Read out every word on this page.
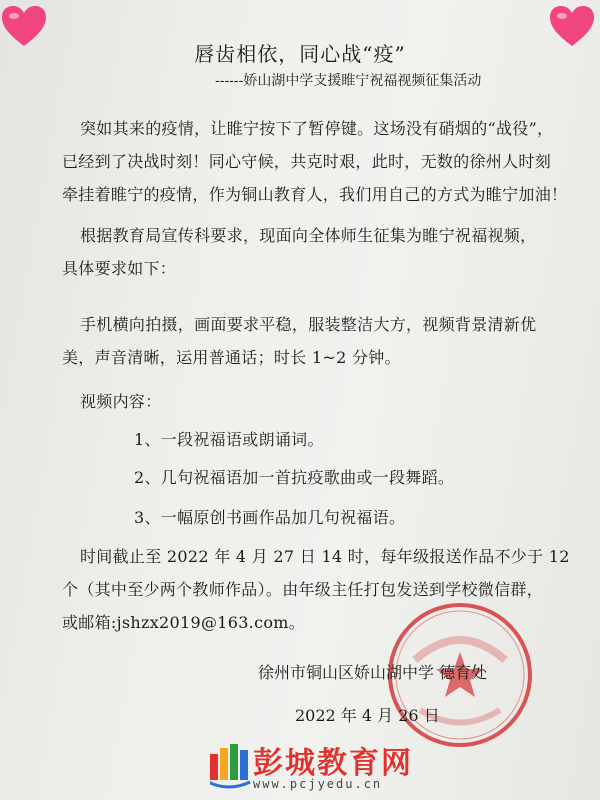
唇齿相依，同心战“疫”
------娇山湖中学支援睢宁祝福视频征集活动
突如其来的疫情，让睢宁按下了暂停键。这场没有硝烟的“战役”，
已经到了决战时刻！同心守候，共克时艰，此时，无数的徐州人时刻
牵挂着睢宁的疫情，作为铜山教育人，我们用自己的方式为睢宁加油！
根据教育局宣传科要求，现面向全体师生征集为睢宁祝福视频，
具体要求如下：
手机横向拍摄，画面要求平稳，服装整洁大方，视频背景清新优
美，声音清晰，运用普通话；时长 1~2 分钟。
视频内容：
1、一段祝福语或朗诵词。
2、几句祝福语加一首抗疫歌曲或一段舞蹈。
3、一幅原创书画作品加几句祝福语。
时间截止至 2022 年 4 月 27 日 14 时，每年级报送作品不少于 12
个（其中至少两个教师作品）。由年级主任打包发送到学校微信群，
或邮箱:jshzx2019@163.com。
徐州市铜山区娇山湖中学 德育处
2022 年 4 月 26 日
彭城教育网
www.pcjyedu.cn
